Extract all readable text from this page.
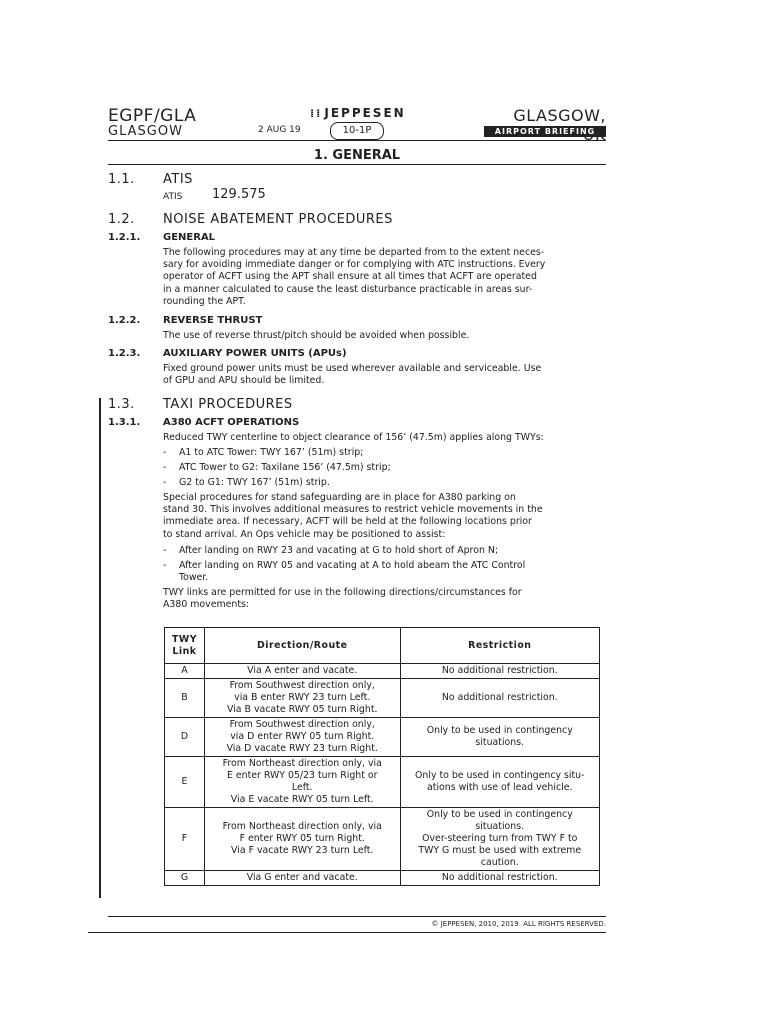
EGPF/GLA
GLASGOW
⁞⁞ JEPPESEN
2 AUG 19	10-1P
GLASGOW,
AIRPORT BRIEFING
1. GENERAL
1.1. ATIS
ATIS 129.575
1.2. NOISE ABATEMENT PROCEDURES
1.2.1. GENERAL
The following procedures may at any time be departed from to the extent neces-
sary for avoiding immediate danger or for complying with ATC instructions. Every
operator of ACFT using the APT shall ensure at all times that ACFT are operated
in a manner calculated to cause the least disturbance practicable in areas sur-
rounding the APT.
1.2.2. REVERSE THRUST
The use of reverse thrust/pitch should be avoided when possible.
1.2.3. AUXILIARY POWER UNITS (APUs)
Fixed ground power units must be used wherever available and serviceable. Use
of GPU and APU should be limited.
1.3. TAXI PROCEDURES
1.3.1. A380 ACFT OPERATIONS
Reduced TWY centerline to object clearance of 156’ (47.5m) applies along TWYs:
- A1 to ATC Tower: TWY 167’ (51m) strip;
- ATC Tower to G2: Taxilane 156’ (47.5m) strip;
- G2 to G1: TWY 167’ (51m) strip.
Special procedures for stand safeguarding are in place for A380 parking on
stand 30. This involves additional measures to restrict vehicle movements in the
immediate area. If necessary, ACFT will be held at the following locations prior
to stand arrival. An Ops vehicle may be positioned to assist:
- After landing on RWY 23 and vacating at G to hold short of Apron N;
- After landing on RWY 05 and vacating at A to hold abeam the ATC Control
Tower.
TWY links are permitted for use in the following directions/circumstances for
A380 movements:
TWY
Link	Direction/Route	Restriction
A	Via A enter and vacate.	No additional restriction.
B	From Southwest direction only,
via B enter RWY 23 turn Left.
Via B vacate RWY 05 turn Right.	No additional restriction.
D	From Southwest direction only,
via D enter RWY 05 turn Right.
Via D vacate RWY 23 turn Right.	Only to be used in contingency
situations.
E	From Northeast direction only, via
E enter RWY 05/23 turn Right or
Left.
Via E vacate RWY 05 turn Left.	Only to be used in contingency situ-
ations with use of lead vehicle.
F	From Northeast direction only, via
F enter RWY 05 turn Right.
Via F vacate RWY 23 turn Left.	Only to be used in contingency
situations.
Over-steering turn from TWY F to
TWY G must be used with extreme
caution.
G	Via G enter and vacate.	No additional restriction.
© JEPPESEN, 2010, 2019. ALL RIGHTS RESERVED.
